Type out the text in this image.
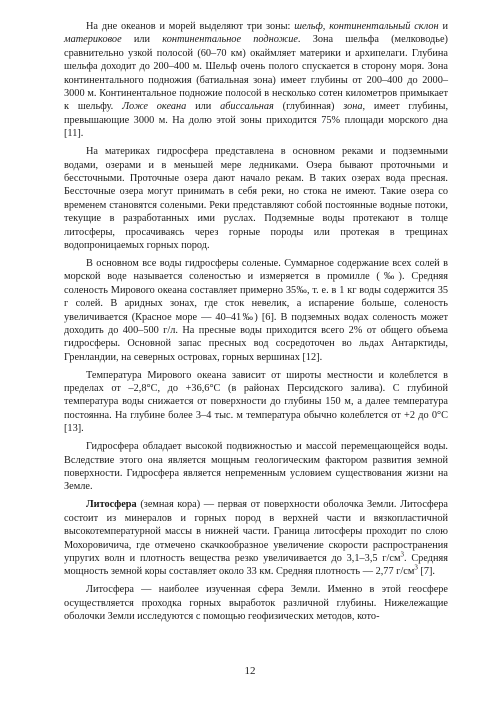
На дне океанов и морей выделяют три зоны: шельф, континентальный склон и материковое или континентальное подножие. Зона шельфа (мелководье) сравнительно узкой полосой (60–70 км) окаймляет материки и архипелаги. Глубина шельфа доходит до 200–400 м. Шельф очень полого спускается в сторону моря. Зона континентального подножия (батиальная зона) имеет глубины от 200–400 до 2000–3000 м. Континентальное подножие полосой в несколько сотен километров примыкает к шельфу. Ложе океана или абиссальная (глубинная) зона, имеет глубины, превышающие 3000 м. На долю этой зоны приходится 75% площади морского дна [11].

На материках гидросфера представлена в основном реками и подземными водами, озерами и в меньшей мере ледниками. Озера бывают проточными и бессточными. Проточные озера дают начало рекам. В таких озерах вода пресная. Бессточные озера могут принимать в себя реки, но стока не имеют. Такие озера со временем становятся солеными. Реки представляют собой постоянные водные потоки, текущие в разработанных ими руслах. Подземные воды протекают в толще литосферы, просачиваясь через горные породы или протекая в трещинах водопроницаемых горных пород.

В основном все воды гидросферы соленые. Суммарное содержание всех солей в морской воде называется соленостью и измеряется в промилле (‰). Средняя соленость Мирового океана составляет примерно 35‰, т. е. в 1 кг воды содержится 35 г солей. В аридных зонах, где сток невелик, а испарение больше, соленость увеличивается (Красное море — 40–41‰) [6]. В подземных водах соленость может доходить до 400–500 г/л. На пресные воды приходится всего 2% от общего объема гидросферы. Основной запас пресных вод сосредоточен во льдах Антарктиды, Гренландии, на северных островах, горных вершинах [12].

Температура Мирового океана зависит от широты местности и колеблется в пределах от –2,8°С, до +36,6°С (в районах Персидского залива). С глубиной температура воды снижается от поверхности до глубины 150 м, а далее температура постоянна. На глубине более 3–4 тыс. м температура обычно колеблется от +2 до 0°С [13].

Гидросфера обладает высокой подвижностью и массой перемещающейся воды. Вследствие этого она является мощным геологическим фактором развития земной поверхности. Гидросфера является непременным условием существования жизни на Земле.

Литосфера (земная кора) — первая от поверхности оболочка Земли. Литосфера состоит из минералов и горных пород в верхней части и вязкопластичной высокотемпературной массы в нижней части. Граница литосферы проходит по слою Мохоровичича, где отмечено скачкообразное увеличение скорости распространения упругих волн и плотность вещества резко увеличивается до 3,1–3,5 $г/см^3$. Средняя мощность земной коры составляет около 33 км. Средняя плотность — 2,77 $г/см^3$ [7].

Литосфера — наиболее изученная сфера Земли. Именно в этой геосфере осуществляется проходка горных выработок различной глубины. Нижележащие оболочки Земли исследуются с помощью геофизических методов, кото-

12
